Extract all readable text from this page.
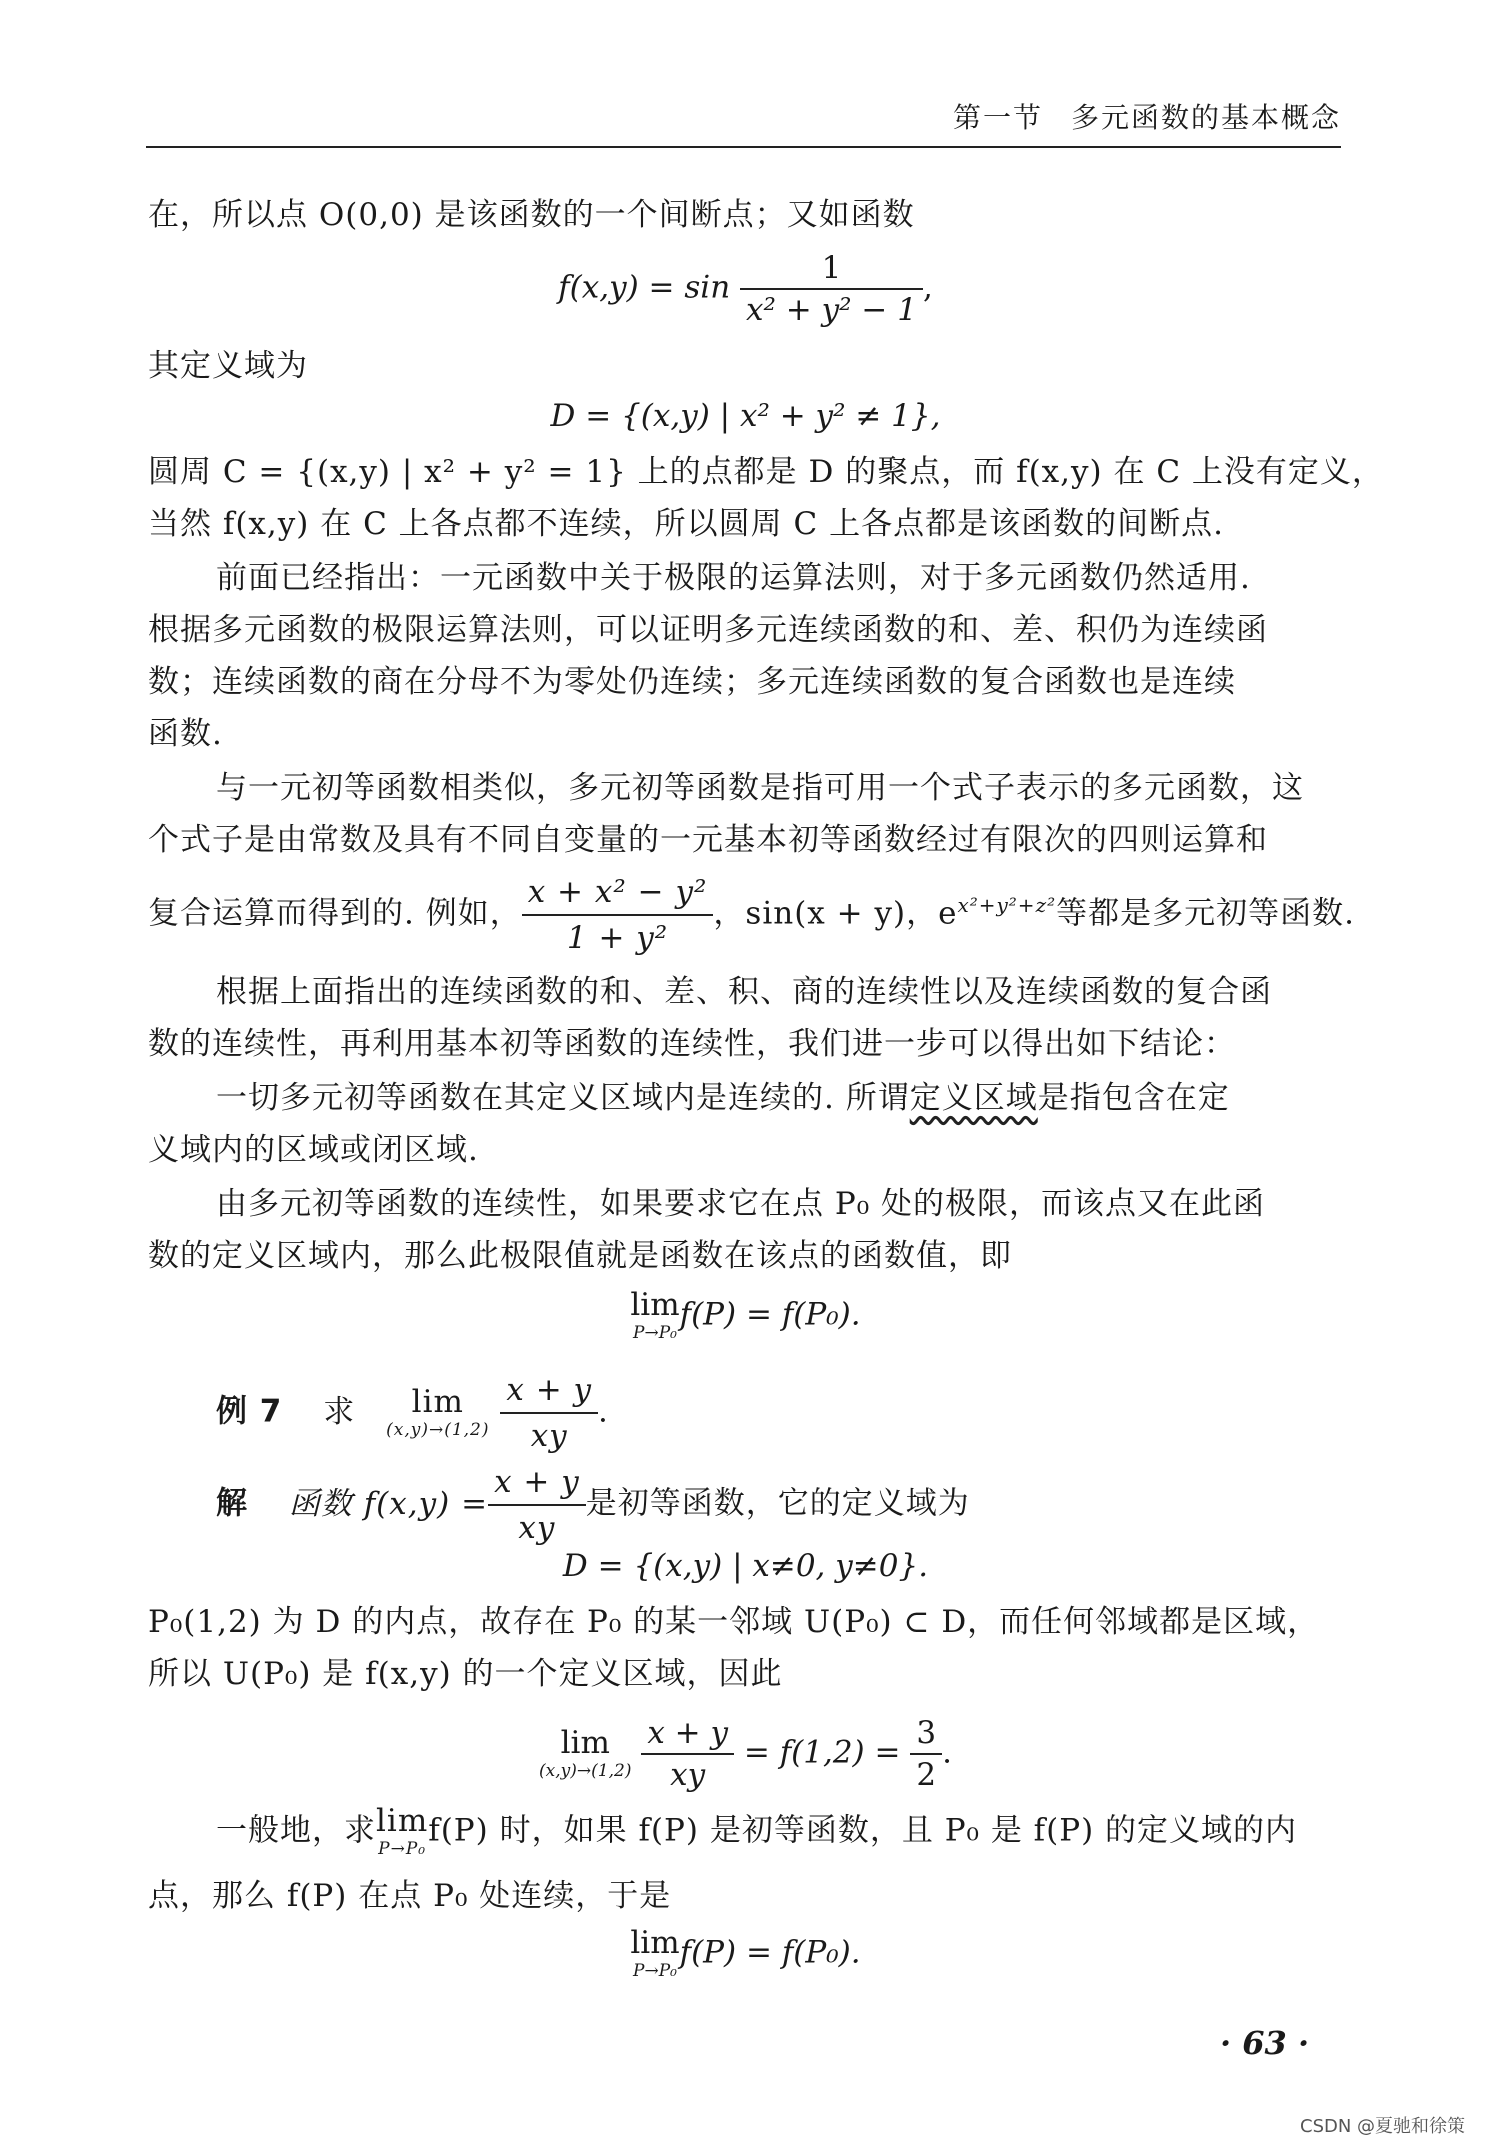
第一节 多元函数的基本概念
在，所以点 O(0,0) 是该函数的一个间断点；又如函数
$f(x,y) = \sin \frac{1}{\text{x² + y² − 1}}$ ,
其定义域为
D = {(x,y) | x² + y² ≠ 1},
圆周 C = {(x,y) | x² + y² = 1} 上的点都是 D 的聚点，而 f(x,y) 在 C 上没有定义，
当然 f(x,y) 在 C 上各点都不连续，所以圆周 C 上各点都是该函数的间断点.
前面已经指出：一元函数中关于极限的运算法则，对于多元函数仍然适用.
根据多元函数的极限运算法则，可以证明多元连续函数的和、差、积仍为连续函
数；连续函数的商在分母不为零处仍连续；多元连续函数的复合函数也是连续
函数.
与一元初等函数相类似，多元初等函数是指可用一个式子表示的多元函数，这
个式子是由常数及具有不同自变量的一元基本初等函数经过有限次的四则运算和
复合运算而得到的. 例如， $\frac{\text{x + x² − y²}}{\text{1 + y²}}$ ，sin(x + y)，$e^{x^2+y^2+z^2}$等都是多元初等函数.
根据上面指出的连续函数的和、差、积、商的连续性以及连续函数的复合函
数的连续性，再利用基本初等函数的连续性，我们进一步可以得出如下结论：
一切多元初等函数在其定义区域内是连续的. 所谓定义区域是指包含在定
义域内的区域或闭区域.
由多元初等函数的连续性，如果要求它在点 P₀ 处的极限，而该点又在此函
数的定义区域内，那么此极限值就是函数在该点的函数值，即
lim
P→P₀
f(P) = f(P₀).
例 7 求	lim
(x,y)→(1,2)
$\frac{x + y}{xy}$ .
解 函数 $f(x,y) = \frac{x + y}{xy}$ 是初等函数，它的定义域为
D = {(x,y) | x≠0, y≠0}.
P₀(1,2) 为 D 的内点，故存在 P₀ 的某一邻域 U(P₀) ⊂ D，而任何邻域都是区域，
所以 U(P₀) 是 f(x,y) 的一个定义区域，因此
lim
(x,y)→(1,2)
$\frac{x + y}{xy} = f(1,2) = \frac{3}{2}$ .
一般地，求 lim
P→P₀
f(P) 时，如果 f(P) 是初等函数，且 P₀ 是 f(P) 的定义域的内
点，那么 f(P) 在点 P₀ 处连续，于是
lim
P→P₀
f(P) = f(P₀).
· 63 ·
CSDN @夏驰和徐策
